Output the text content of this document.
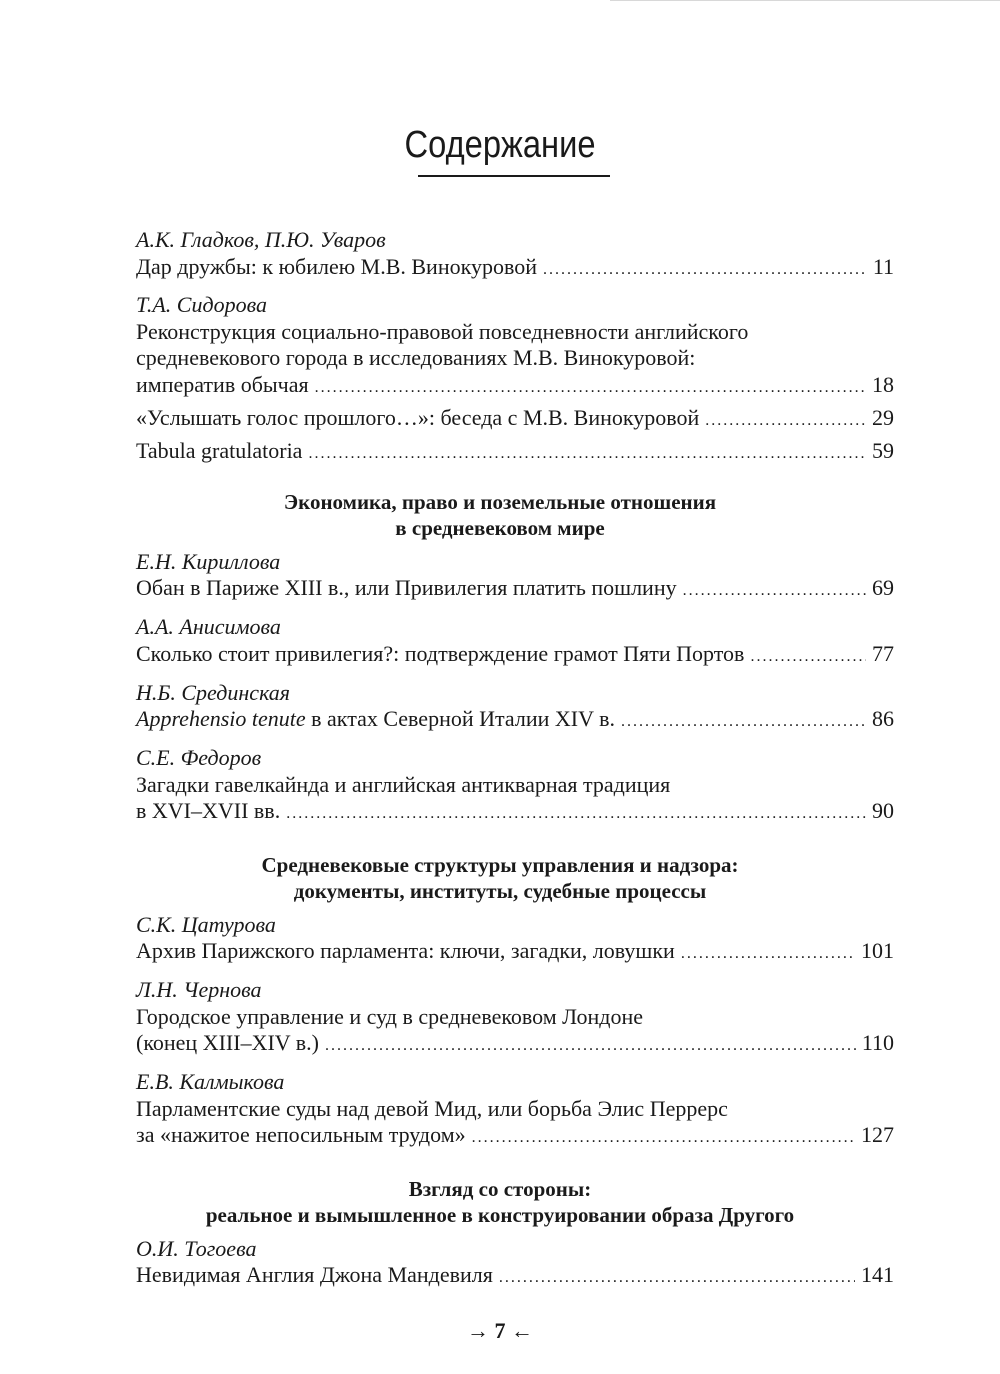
Содержание
А.К. Гладков, П.Ю. Уваров
Дар дружбы: к юбилею М.В. Винокуровой .....	11
Т.А. Сидорова
Реконструкция социально-правовой повседневности английского
средневекового города в исследованиях М.В. Винокуровой:
императив обычая .....	18
«Услышать голос прошлого…»: беседа с М.В. Винокуровой .....	29
Tabula gratulatoria .....	59
Экономика, право и поземельные отношения
в средневековом мире
Е.Н. Кириллова
Обан в Париже XIII в., или Привилегия платить пошлину .....	69
А.А. Анисимова
Сколько стоит привилегия?: подтверждение грамот Пяти Портов .....	77
Н.Б. Срединская
Apprehensio tenute в актах Северной Италии XIV в. .....	86
С.Е. Федоров
Загадки гавелкайнда и английская антикварная традиция
в XVI–XVII вв. .....	90
Средневековые структуры управления и надзора:
документы, институты, судебные процессы
С.К. Цатурова
Архив Парижского парламента: ключи, загадки, ловушки .....	101
Л.Н. Чернова
Городское управление и суд в средневековом Лондоне
(конец XIII–XIV в.) .....	110
Е.В. Калмыкова
Парламентские суды над девой Мид, или борьба Элис Перрерс
за «нажитое непосильным трудом» .....	127
Взгляд со стороны:
реальное и вымышленное в конструировании образа Другого
О.И. Тогоева
Невидимая Англия Джона Мандевиля .....	141
→ 7 ←
